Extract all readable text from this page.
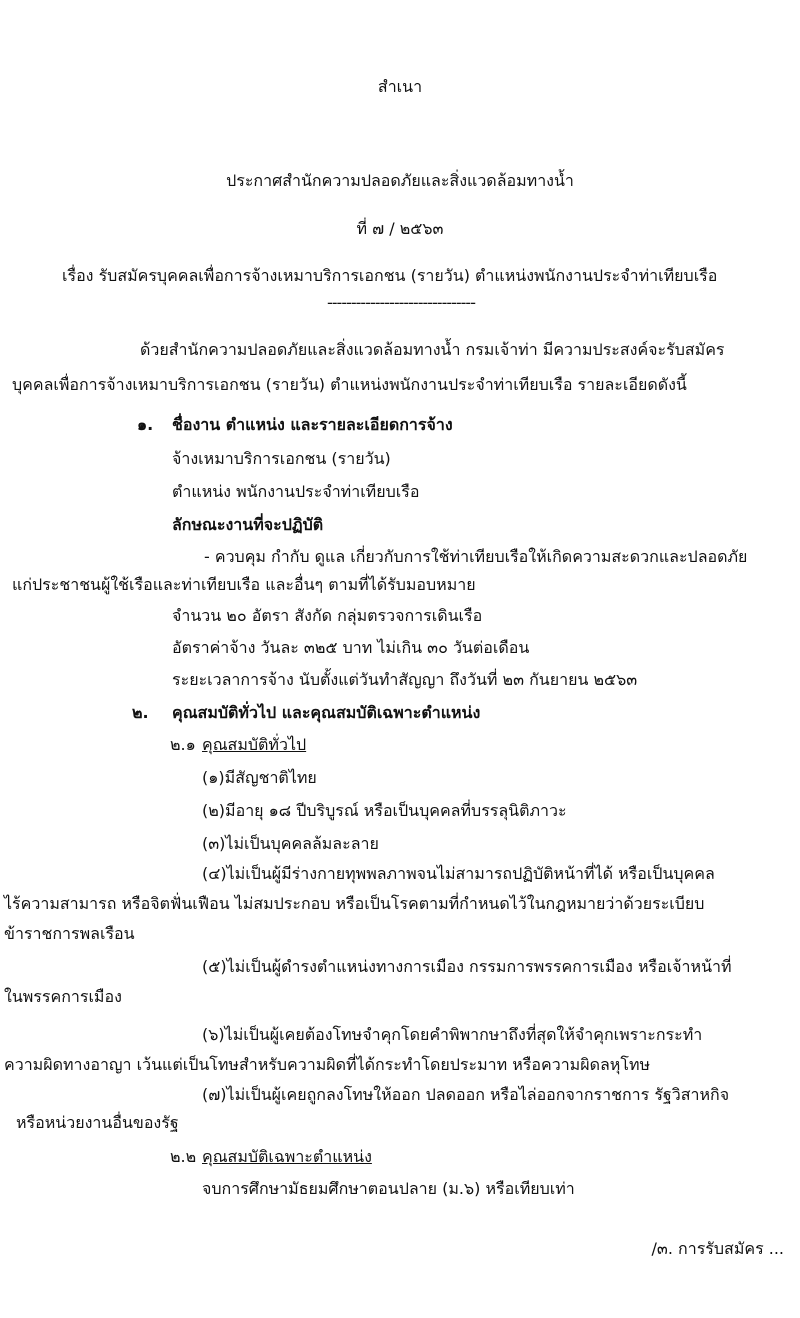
สำเนา
ประกาศสำนักความปลอดภัยและสิ่งแวดล้อมทางน้ำ
ที่ ๗ / ๒๕๖๓
เรื่อง รับสมัครบุคคลเพื่อการจ้างเหมาบริการเอกชน (รายวัน) ตำแหน่งพนักงานประจำท่าเทียบเรือ
-------------------------------
ด้วยสำนักความปลอดภัยและสิ่งแวดล้อมทางน้ำ กรมเจ้าท่า มีความประสงค์จะรับสมัคร
บุคคลเพื่อการจ้างเหมาบริการเอกชน (รายวัน) ตำแหน่งพนักงานประจำท่าเทียบเรือ รายละเอียดดังนี้
๑. ชื่องาน ตำแหน่ง และรายละเอียดการจ้าง
จ้างเหมาบริการเอกชน (รายวัน)
ตำแหน่ง พนักงานประจำท่าเทียบเรือ
ลักษณะงานที่จะปฏิบัติ
- ควบคุม กำกับ ดูแล เกี่ยวกับการใช้ท่าเทียบเรือให้เกิดความสะดวกและปลอดภัย
แก่ประชาชนผู้ใช้เรือและท่าเทียบเรือ และอื่นๆ ตามที่ได้รับมอบหมาย
จำนวน ๒๐ อัตรา สังกัด กลุ่มตรวจการเดินเรือ
อัตราค่าจ้าง วันละ ๓๒๕ บาท ไม่เกิน ๓๐ วันต่อเดือน
ระยะเวลาการจ้าง นับตั้งแต่วันทำสัญญา ถึงวันที่ ๒๓ กันยายน ๒๕๖๓
๒. คุณสมบัติทั่วไป และคุณสมบัติเฉพาะตำแหน่ง
๒.๑ คุณสมบัติทั่วไป
(๑)มีสัญชาติไทย
(๒)มีอายุ ๑๘ ปีบริบูรณ์ หรือเป็นบุคคลที่บรรลุนิติภาวะ
(๓)ไม่เป็นบุคคลล้มละลาย
(๔)ไม่เป็นผู้มีร่างกายทุพพลภาพจนไม่สามารถปฏิบัติหน้าที่ได้ หรือเป็นบุคคล
ไร้ความสามารถ หรือจิตฟั่นเฟือน ไม่สมประกอบ หรือเป็นโรคตามที่กำหนดไว้ในกฎหมายว่าด้วยระเบียบ
ข้าราชการพลเรือน
(๕)ไม่เป็นผู้ดำรงตำแหน่งทางการเมือง กรรมการพรรคการเมือง หรือเจ้าหน้าที่
ในพรรคการเมือง
(๖)ไม่เป็นผู้เคยต้องโทษจำคุกโดยคำพิพากษาถึงที่สุดให้จำคุกเพราะกระทำ
ความผิดทางอาญา เว้นแต่เป็นโทษสำหรับความผิดที่ได้กระทำโดยประมาท หรือความผิดลหุโทษ
(๗)ไม่เป็นผู้เคยถูกลงโทษให้ออก ปลดออก หรือไล่ออกจากราชการ รัฐวิสาหกิจ
หรือหน่วยงานอื่นของรัฐ
๒.๒ คุณสมบัติเฉพาะตำแหน่ง
จบการศึกษามัธยมศึกษาตอนปลาย (ม.๖) หรือเทียบเท่า
/๓. การรับสมัคร ...
